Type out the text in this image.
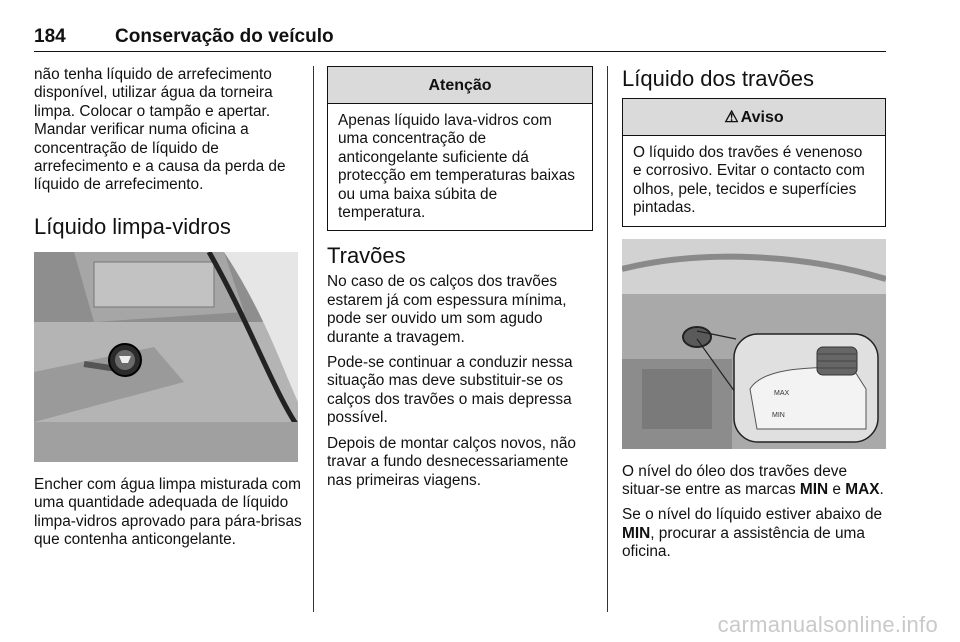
184	Conservação do veículo

não tenha líquido de arrefecimento disponível, utilizar água da torneira limpa. Colocar o tampão e apertar. Mandar verificar numa oficina a concentração de líquido de arrefecimento e a causa da perda de líquido de arrefecimento.

Líquido limpa-vidros

Encher com água limpa misturada com uma quantidade adequada de líquido limpa-vidros aprovado para pára-brisas que contenha anticongelante.

Atenção
Apenas líquido lava-vidros com uma concentração de anticongelante suficiente dá protecção em temperaturas baixas ou uma baixa súbita de temperatura.
Travões

No caso de os calços dos travões estarem já com espessura mínima, pode ser ouvido um som agudo durante a travagem.

Pode-se continuar a conduzir nessa situação mas deve substituir-se os calços dos travões o mais depressa possível.

Depois de montar calços novos, não travar a fundo desnecessariamente nas primeiras viagens.

Líquido dos travões
⚠ Aviso
O líquido dos travões é venenoso e corrosivo. Evitar o contacto com olhos, pele, tecidos e superfícies pintadas.
MAX
MIN

O nível do óleo dos travões deve situar-se entre as marcas MIN e MAX.

Se o nível do líquido estiver abaixo de MIN, procurar a assistência de uma oficina.

carmanualsonline.info
